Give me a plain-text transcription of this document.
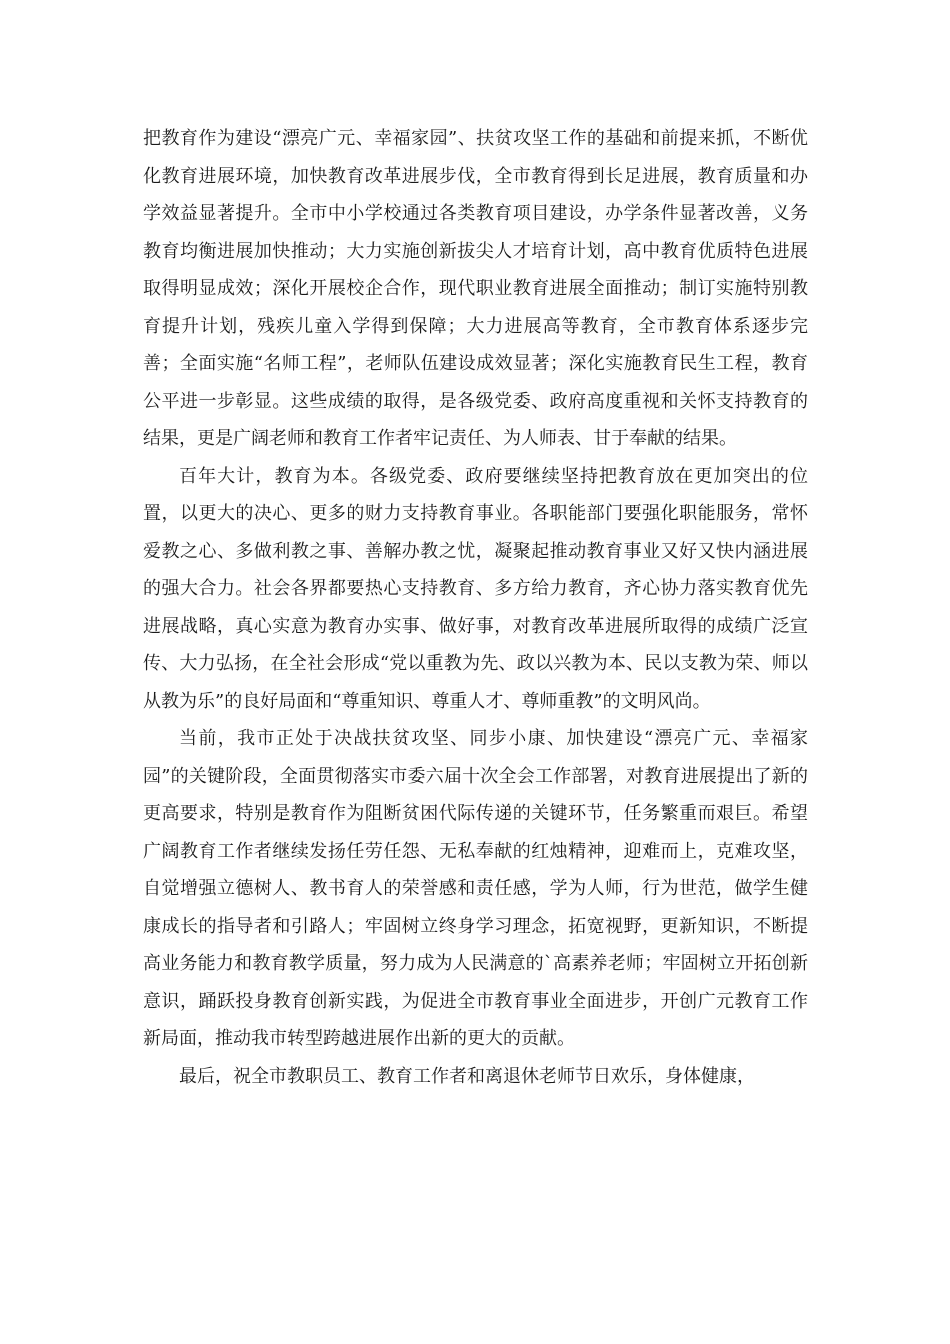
把教育作为建设“漂亮广元、幸福家园”、扶贫攻坚工作的基础和前提来抓，不断优化教育进展环境，加快教育改革进展步伐，全市教育得到长足进展，教育质量和办学效益显著提升。全市中小学校通过各类教育项目建设，办学条件显著改善，义务教育均衡进展加快推动；大力实施创新拔尖人才培育计划，高中教育优质特色进展取得明显成效；深化开展校企合作，现代职业教育进展全面推动；制订实施特别教育提升计划，残疾儿童入学得到保障；大力进展高等教育，全市教育体系逐步完善；全面实施“名师工程”，老师队伍建设成效显著；深化实施教育民生工程，教育公平进一步彰显。这些成绩的取得，是各级党委、政府高度重视和关怀支持教育的结果，更是广阔老师和教育工作者牢记责任、为人师表、甘于奉献的结果。

百年大计，教育为本。各级党委、政府要继续坚持把教育放在更加突出的位置，以更大的决心、更多的财力支持教育事业。各职能部门要强化职能服务，常怀爱教之心、多做利教之事、善解办教之忧，凝聚起推动教育事业又好又快内涵进展的强大合力。社会各界都要热心支持教育、多方给力教育，齐心协力落实教育优先进展战略，真心实意为教育办实事、做好事，对教育改革进展所取得的成绩广泛宣传、大力弘扬，在全社会形成“党以重教为先、政以兴教为本、民以支教为荣、师以从教为乐”的良好局面和“尊重知识、尊重人才、尊师重教”的文明风尚。

当前，我市正处于决战扶贫攻坚、同步小康、加快建设“漂亮广元、幸福家园”的关键阶段，全面贯彻落实市委六届十次全会工作部署，对教育进展提出了新的更高要求，特别是教育作为阻断贫困代际传递的关键环节，任务繁重而艰巨。希望广阔教育工作者继续发扬任劳任怨、无私奉献的红烛精神，迎难而上，克难攻坚，自觉增强立德树人、教书育人的荣誉感和责任感，学为人师，行为世范，做学生健康成长的指导者和引路人；牢固树立终身学习理念，拓宽视野，更新知识，不断提高业务能力和教育教学质量，努力成为人民满意的`高素养老师；牢固树立开拓创新意识，踊跃投身教育创新实践，为促进全市教育事业全面进步，开创广元教育工作新局面，推动我市转型跨越进展作出新的更大的贡献。

最后，祝全市教职员工、教育工作者和离退休老师节日欢乐，身体健康，
